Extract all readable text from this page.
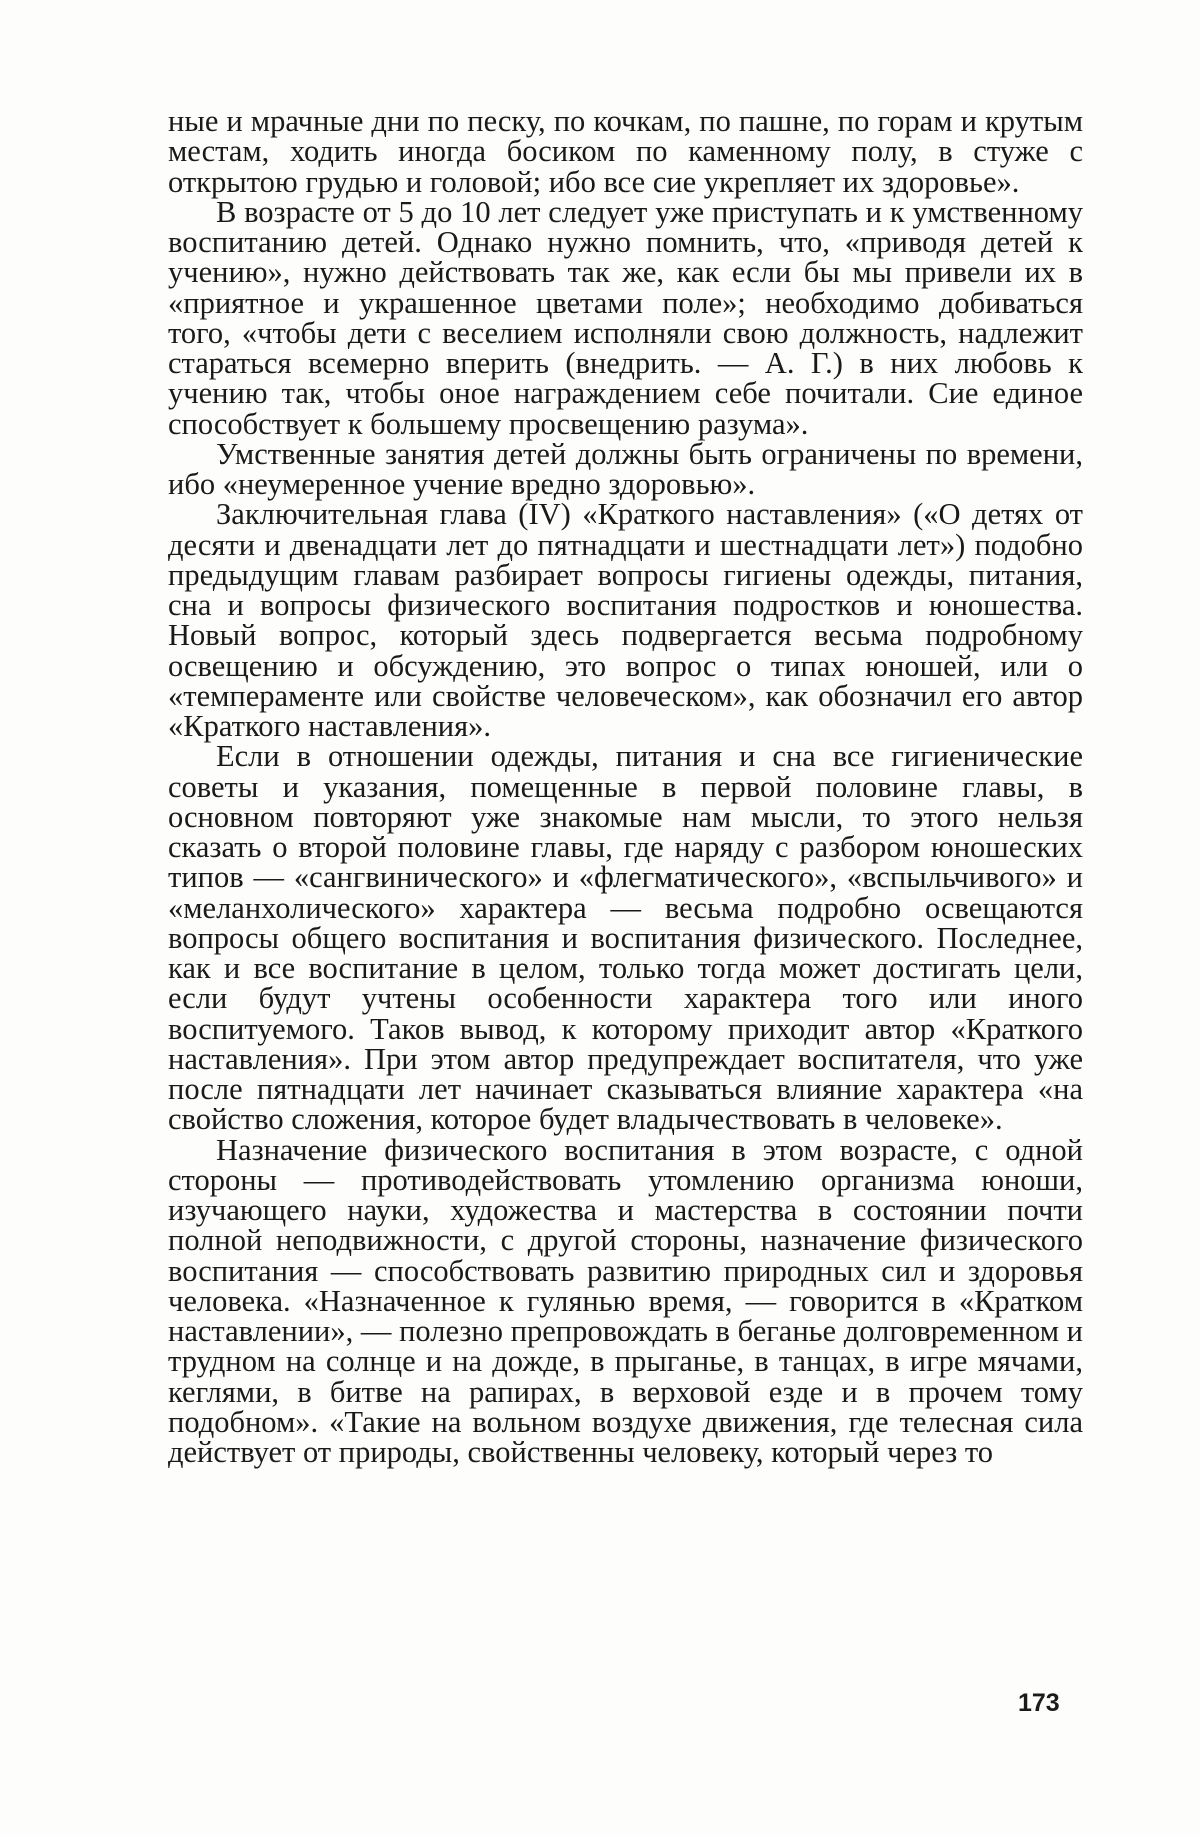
ные и мрачные дни по песку, по кочкам, по пашне, по горам и крутым местам, ходить иногда босиком по каменному полу, в стуже с открытою грудью и головой; ибо все сие укрепляет их здоровье».

В возрасте от 5 до 10 лет следует уже приступать и к умственному воспитанию детей. Однако нужно помнить, что, «приводя детей к учению», нужно действовать так же, как если бы мы привели их в «приятное и украшенное цветами поле»; необходимо добиваться того, «чтобы дети с веселием исполняли свою должность, надлежит стараться всемерно вперить (внедрить. — А. Г.) в них любовь к учению так, чтобы оное награждением себе почитали. Сие единое способствует к большему просвещению разума».

Умственные занятия детей должны быть ограничены по времени, ибо «неумеренное учение вредно здоровью».

Заключительная глава (IV) «Краткого наставления» («О детях от десяти и двенадцати лет до пятнадцати и шестнадцати лет») подобно предыдущим главам разбирает вопросы гигиены одежды, питания, сна и вопросы физического воспитания подростков и юношества. Новый вопрос, который здесь подвергается весьма подробному освещению и обсуждению, это вопрос о типах юношей, или о «темпераменте или свойстве человеческом», как обозначил его автор «Краткого наставления».

Если в отношении одежды, питания и сна все гигиенические советы и указания, помещенные в первой половине главы, в основном повторяют уже знакомые нам мысли, то этого нельзя сказать о второй половине главы, где наряду с разбором юношеских типов — «сангвинического» и «флегматического», «вспыльчивого» и «меланхолического» характера — весьма подробно освещаются вопросы общего воспитания и воспитания физического. Последнее, как и все воспитание в целом, только тогда может достигать цели, если будут учтены особенности характера того или иного воспитуемого. Таков вывод, к которому приходит автор «Краткого наставления». При этом автор предупреждает воспитателя, что уже после пятнадцати лет начинает сказываться влияние характера «на свойство сложения, которое будет владычествовать в человеке».

Назначение физического воспитания в этом возрасте, с одной стороны — противодействовать утомлению организма юноши, изучающего науки, художества и мастерства в состоянии почти полной неподвижности, с другой стороны, назначение физического воспитания — способствовать развитию природных сил и здоровья человека. «Назначенное к гулянью время, — говорится в «Кратком наставлении», — полезно препровождать в беганье долговременном и трудном на солнце и на дожде, в прыганье, в танцах, в игре мячами, кеглями, в битве на рапирах, в верховой езде и в прочем тому подобном». «Такие на вольном воздухе движения, где телесная сила действует от природы, свойственны человеку, который через то

173
